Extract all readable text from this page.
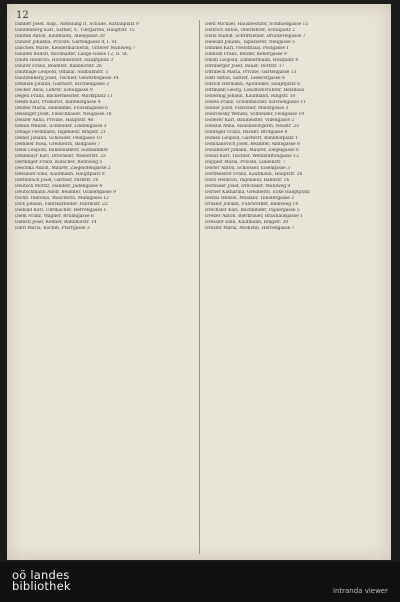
12

Danker Josef, Insp., Abteilung II, Schuhe, Rattanplatz 9

Dannenberg Karl, Sattler, V., Tiergarten, Hauptstr. 15

Dantek Anton, Kaufmann, Alleegasse 20

Danzer Johanna, Private, Gartengasse 8, I. St.

Daschek Marie, Kleidermacherin, Unterer Mühlweg 7

Daubek Rudolf, Buchhalter, Lange Gasse 12, II. St.

Daum Heinrich, Hotelbesitzer, Hauptplatz 3

Daurer Franz, Beamter, Bahnhofstr. 26

Dauthage Leopold, Offizial, Südbahnstr. 5

Dautzenberg Josef, Tischler, Gewerbegasse 14

Debelak Johann, Gastwirt, Kirchengasse 2

Decker Alois, Lehrer, Schulgasse 9

Degen Franz, Bäckermeister, Marktplatz 11

Dehm Karl, Prokurist, Bahnhofgasse 4

Deimel Maria, Hebamme, Florianigasse 6

Deisinger Josef, Fleischhauer, Neugasse 18

Deixler Anna, Private, Hauptstr. 40

Dekan Wenzel, Schneider, Lindengasse 3

Delago Ferdinand, Ingenieur, Ringstr. 21

Demel Johann, Schlosser, Feldgasse 10

Demmer Rosa, Greißlerin, Badgasse 7

Denk Leopold, Bahnbeamter, Südbahnhof

Denkmayr Karl, Drechsler, Wienerstr. 33

Derflinger Franz, Kutscher, Rennweg 5

Deschka Anton, Maurer, Ziegelofengasse 2

Dessauer Emil, Kaufmann, Hauptplatz 8

Dettelbach Josef, Gärtner, Parkstr. 16

Deutsch Moritz, Händler, Judengasse 4

Deutschmann Adolf, Beamter, Grabengasse 9

Dichtl Theresia, Wäscherin, Mühlgasse 12

Dick Johann, Fabrikarbeiter, Fabrikstr. 22

Diebold Karl, Uhrmacher, Herrengasse 1

Diem Franz, Wagner, Brunngasse 6

Dienstl Josef, Kellner, Bahnhofstr. 14

Dierl Maria, Köchin, Pfarrgasse 3

Dietl Michael, Hausbesitzer, Schmiedgasse 15

Dietrich Anton, Oberlehrer, Schulplatz 2

Dietz Rudolf, Schriftsetzer, Druckereigasse 7

Diewald Johann, Tapezierer, Neugasse 5

Dimmel Karl, Postoffizial, Postgasse 1

Dinhobl Franz, Binder, Kellergasse 9

Dinstl Leopold, Zimmermann, Holzplatz 4

Dirnberger Josef, Bauer, Dorfstr. 17

Dirnbeck Maria, Private, Gartengasse 13

Distl Anton, Sattler, Lederergasse 8

Ditrich Hermann, Apotheker, Hauptplatz 6

Dittmann Georg, Lokomotivführer, Heizhaus

Dobernig Johann, Kaufmann, Ringstr. 10

Dobes Franz, Schuhmacher, Kirchengasse 11

Dobler Josef, Fleischer, Marktgasse 3

Dobrowsky Wenzel, Schneider, Feldgasse 19

Doderer Karl, Baumeister, Villengasse 2

Dolezal Anna, Hausbesorgerin, Neustr. 25

Dollinger Franz, Bäcker, Brotgasse 4

Domes Leopold, Gastwirt, Bahnhofplatz 1

Domnanovich Josef, Beamter, Amtsgasse 8

Donabauer Johann, Maurer, Ziegelgasse 6

Donat Karl, Tischler, Werkstättengasse 12

Doppler Maria, Private, Lindenstr. 7

Dorfer Anton, Schlosser, Eisengasse 3

Dorfmeister Franz, Kaufmann, Hauptstr. 28

Dorn Heinrich, Ingenieur, Bahnstr. 16

Dornauer Josef, Drechsler, Mühlweg 9

Dorner Katharina, Greißlerin, Ecke Hauptplatz

Dostal Wenzel, Musiker, Theatergasse 2

Draxler Johann, Fuhrwerker, Rennweg 14

Drechsler Karl, Buchbinder, Papiergasse 5

Dreher Anton, Bierbrauer, Brauhausgasse 1

Dressler Emil, Kaufmann, Ringstr. 30

Drexler Maria, Modistin, Herrengasse 7

oö landes
bibliothek	intranda viewer
